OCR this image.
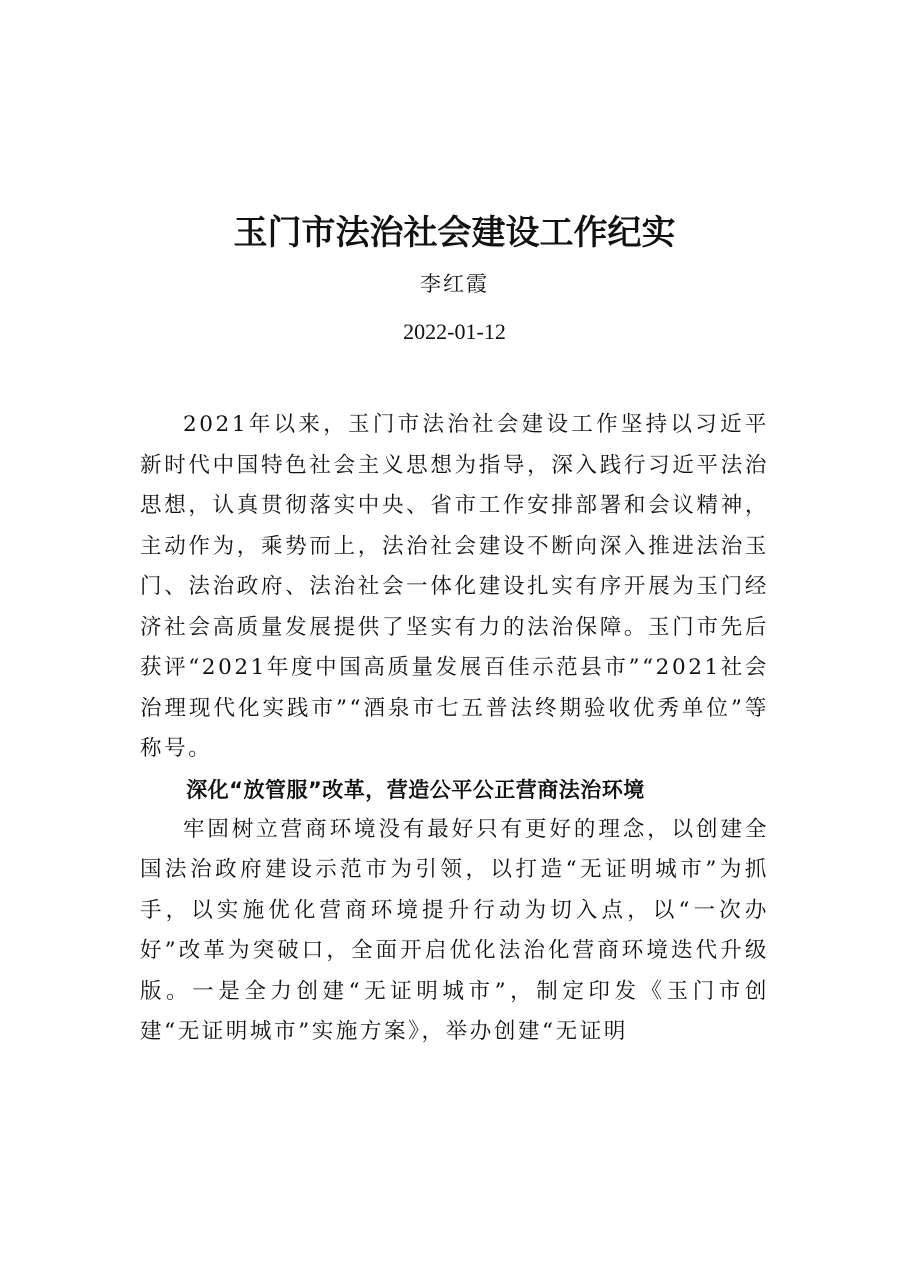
玉门市法治社会建设工作纪实
李红霞
2022-01-12

2021年以来，玉门市法治社会建设工作坚持以习近平新时代中国特色社会主义思想为指导，深入践行习近平法治思想，认真贯彻落实中央、省市工作安排部署和会议精神，主动作为，乘势而上，法治社会建设不断向深入推进法治玉门、法治政府、法治社会一体化建设扎实有序开展为玉门经济社会高质量发展提供了坚实有力的法治保障。玉门市先后获评“2021年度中国高质量发展百佳示范县市”“2021社会治理现代化实践市”“酒泉市七五普法终期验收优秀单位”等称号。

深化“放管服”改革，营造公平公正营商法治环境

牢固树立营商环境没有最好只有更好的理念，以创建全国法治政府建设示范市为引领，以打造“无证明城市”为抓手，以实施优化营商环境提升行动为切入点，以“一次办好”改革为突破口，全面开启优化法治化营商环境迭代升级版。一是全力创建“无证明城市”，制定印发《玉门市创建“无证明城市”实施方案》，举办创建“无证明
